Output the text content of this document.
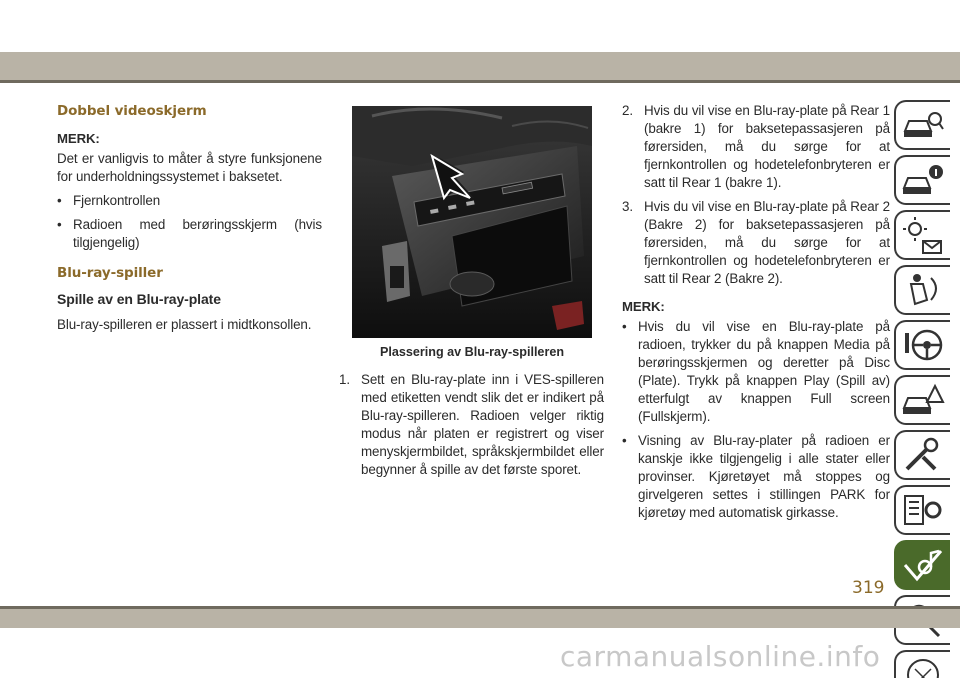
Dobbel videoskjerm
MERK:

Det er vanligvis to måter å styre funksjonene for underholdningssystemet i baksetet.

• Fjernkontrollen
• Radioen med berøringsskjerm (hvis tilgjengelig)
Blu-ray-spiller
Spille av en Blu-ray-plate

Blu-ray-spilleren er plassert i midtkonsollen.

Plassering av Blu-ray-spilleren
1. Sett en Blu-ray-plate inn i VES-spilleren med etiketten vendt slik det er indikert på Blu-ray-spilleren. Radioen velger riktig modus når platen er registrert og viser menyskjermbildet, språkskjermbildet eller begynner å spille av det første sporet.
2. Hvis du vil vise en Blu-ray-plate på Rear 1 (bakre 1) for baksetepassasjeren på førersiden, må du sørge for at fjernkontrollen og hodetelefonbryteren er satt til Rear 1 (bakre 1).
3. Hvis du vil vise en Blu-ray-plate på Rear 2 (Bakre 2) for baksetepassasjeren på førersiden, må du sørge for at fjernkontrollen og hodetelefonbryteren er satt til Rear 2 (Bakre 2).
MERK:
• Hvis du vil vise en Blu-ray-plate på radioen, trykker du på knappen Media på berøringsskjermen og deretter på Disc (Plate). Trykk på knappen Play (Spill av) etterfulgt av knappen Full screen (Fullskjerm).
• Visning av Blu-ray-plater på radioen er kanskje ikke tilgjengelig i alle stater eller provinser. Kjøretøyet må stoppes og girvelgeren settes i stillingen PARK for kjøretøy med automatisk girkasse.
319
carmanualsonline.info
